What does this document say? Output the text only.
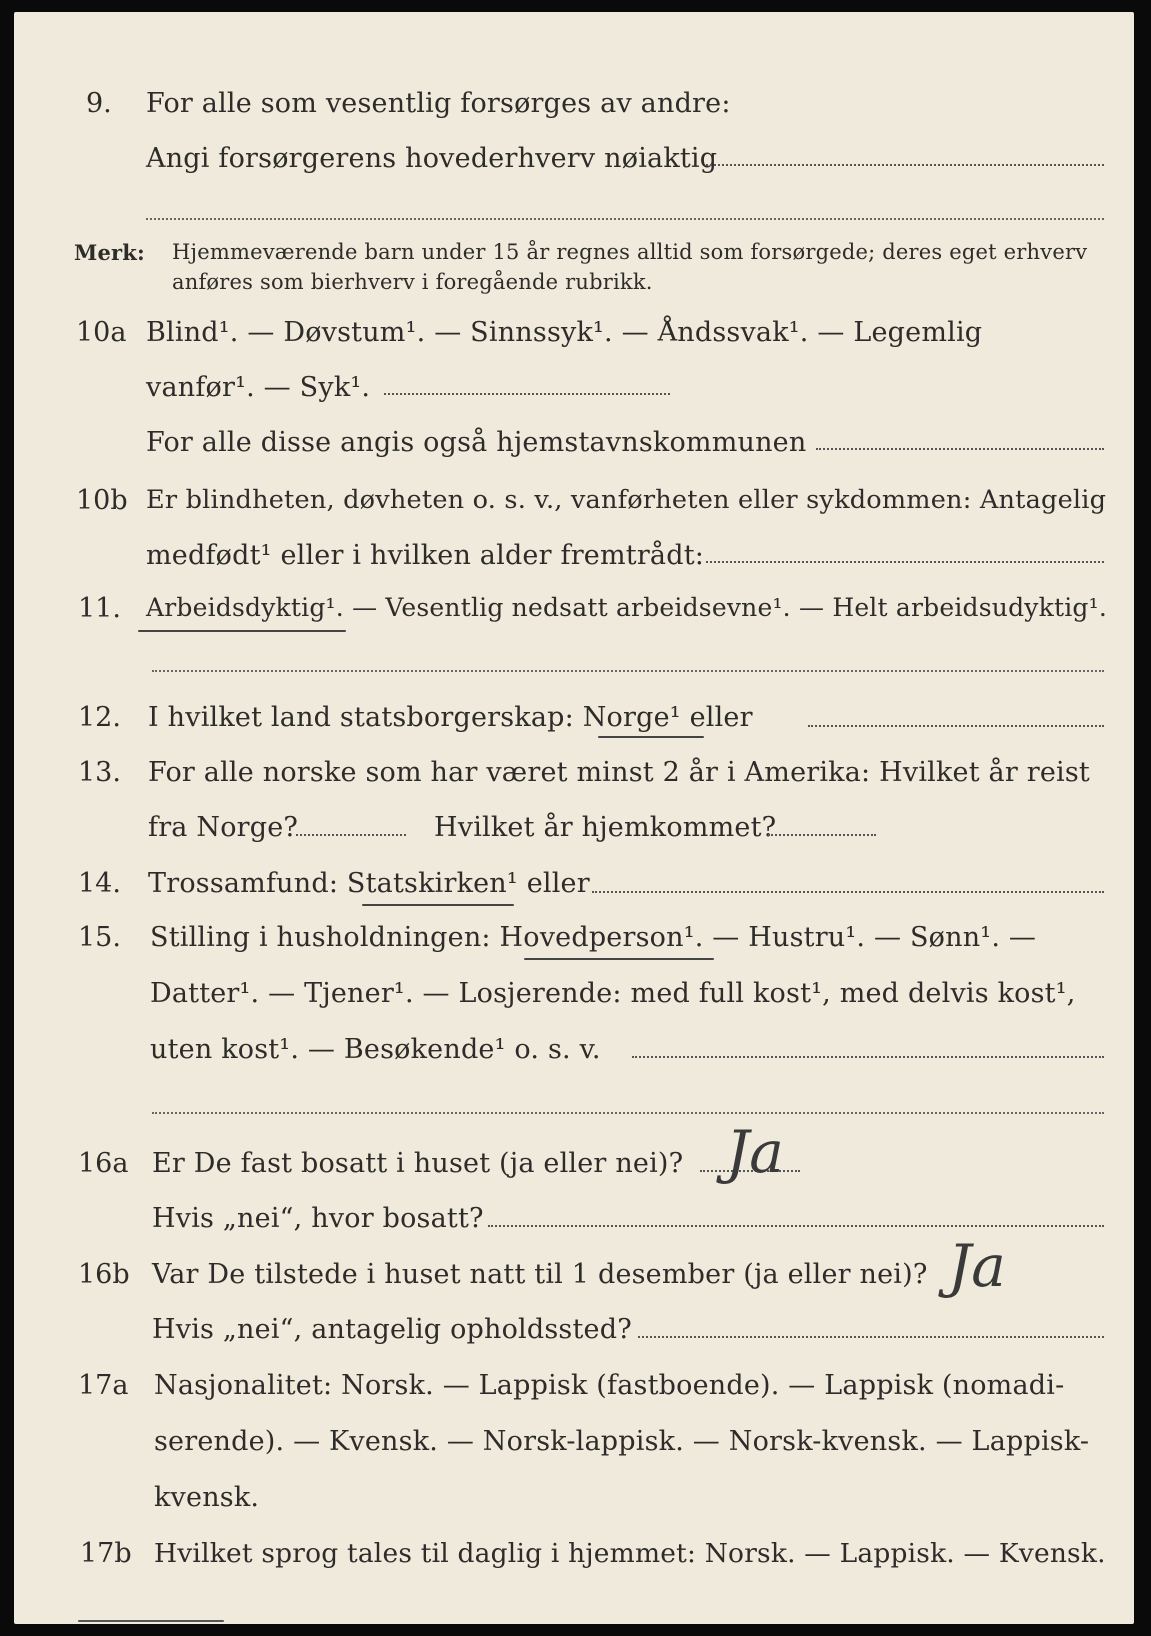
9. For alle som vesentlig forsørges av andre:
Angi forsørgerens hovederhverv nøiaktig
Merk: Hjemmeværende barn under 15 år regnes alltid som forsørgede; deres eget erhverv
anføres som bierhverv i foregående rubrikk.
10a Blind¹. — Døvstum¹. — Sinnssyk¹. — Åndssvak¹. — Legemlig
vanfør¹. — Syk¹.
For alle disse angis også hjemstavnskommunen
10b Er blindheten, døvheten o. s. v., vanførheten eller sykdommen: Antagelig
medfødt¹ eller i hvilken alder fremtrådt:
11. Arbeidsdyktig¹. — Vesentlig nedsatt arbeidsevne¹. — Helt arbeidsudyktig¹.
12. I hvilket land statsborgerskap: Norge¹ eller
13. For alle norske som har været minst 2 år i Amerika: Hvilket år reist
fra Norge?	Hvilket år hjemkommet?
14. Trossamfund: Statskirken¹ eller
15. Stilling i husholdningen: Hovedperson¹. — Hustru¹. — Sønn¹. —
Datter¹. — Tjener¹. — Losjerende: med full kost¹, med delvis kost¹,
uten kost¹. — Besøkende¹ o. s. v.
16a Er De fast bosatt i huset (ja eller nei)? Ja
Hvis „nei“, hvor bosatt?
16b Var De tilstede i huset natt til 1 desember (ja eller nei)? Ja
Hvis „nei“, antagelig opholdssted?
17a Nasjonalitet: Norsk. — Lappisk (fastboende). — Lappisk (nomadi-
serende). — Kvensk. — Norsk-lappisk. — Norsk-kvensk. — Lappisk-
kvensk.
17b Hvilket sprog tales til daglig i hjemmet: Norsk. — Lappisk. — Kvensk.
